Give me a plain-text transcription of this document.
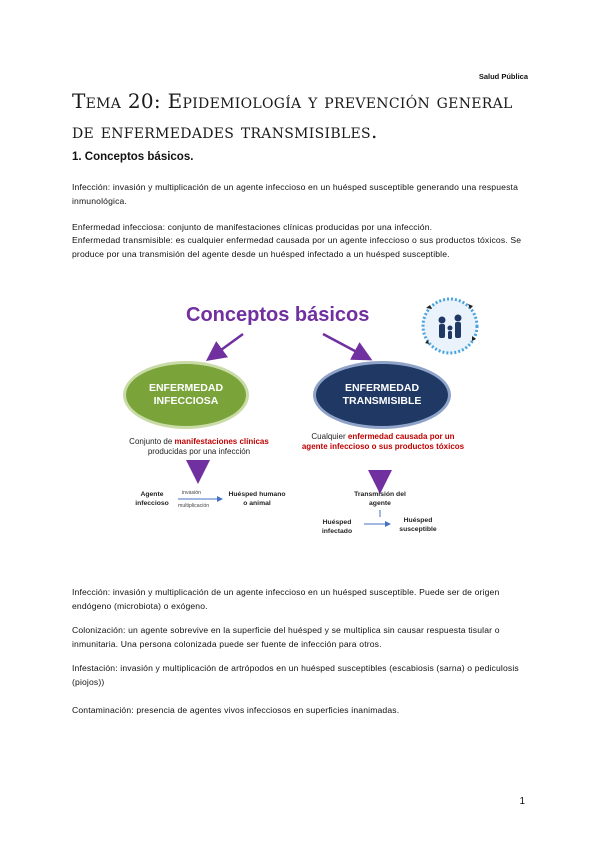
Salud Pública
Tema 20: Epidemiología y prevención general de enfermedades transmisibles.
1. Conceptos básicos.
Infección: invasión y multiplicación de un agente infeccioso en un huésped susceptible generando una respuesta inmunológica.
Enfermedad infecciosa: conjunto de manifestaciones clínicas producidas por una infección.
Enfermedad transmisible: es cualquier enfermedad causada por un agente infeccioso o sus productos tóxicos. Se produce por una transmisión del agente desde un huésped infectado a un huésped susceptible.
Conceptos básicos
ENFERMEDAD INFECCIOSA
ENFERMEDAD TRANSMISIBLE
Conjunto de manifestaciones clínicas
producidas por una infección
Cualquier enfermedad causada por un agente infeccioso o sus productos tóxicos
Agente infeccioso
invasión
multiplicación
Huésped humano o animal
Transmisión del agente
Huésped infectado
Huésped susceptible
Infección: invasión y multiplicación de un agente infeccioso en un huésped susceptible. Puede ser de origen endógeno (microbiota) o exógeno.
Colonización: un agente sobrevive en la superficie del huésped y se multiplica sin causar respuesta tisular o inmunitaria. Una persona colonizada puede ser fuente de infección para otros.
Infestación: invasión y multiplicación de artrópodos en un huésped susceptibles (escabiosis (sarna) o pediculosis (piojos))
Contaminación: presencia de agentes vivos infecciosos en superficies inanimadas.
1
